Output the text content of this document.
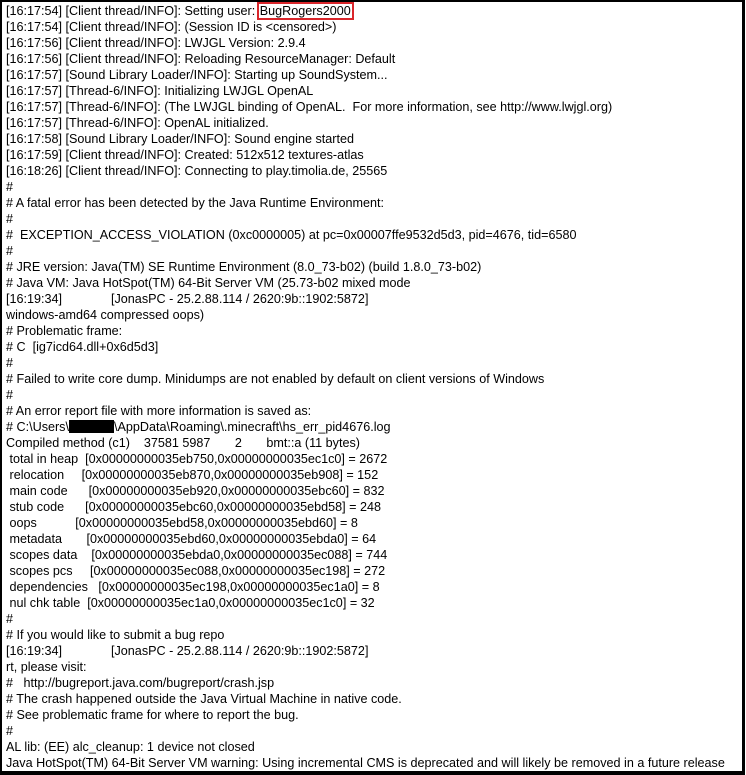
[16:17:54] [Client thread/INFO]: Setting user: BugRogers2000
[16:17:54] [Client thread/INFO]: (Session ID is <censored>)
[16:17:56] [Client thread/INFO]: LWJGL Version: 2.9.4
[16:17:56] [Client thread/INFO]: Reloading ResourceManager: Default
[16:17:57] [Sound Library Loader/INFO]: Starting up SoundSystem...
[16:17:57] [Thread-6/INFO]: Initializing LWJGL OpenAL
[16:17:57] [Thread-6/INFO]: (The LWJGL binding of OpenAL.  For more information, see http://www.lwjgl.org)
[16:17:57] [Thread-6/INFO]: OpenAL initialized.
[16:17:58] [Sound Library Loader/INFO]: Sound engine started
[16:17:59] [Client thread/INFO]: Created: 512x512 textures-atlas
[16:18:26] [Client thread/INFO]: Connecting to play.timolia.de, 25565
#
# A fatal error has been detected by the Java Runtime Environment:
#
#  EXCEPTION_ACCESS_VIOLATION (0xc0000005) at pc=0x00007ffe9532d5d3, pid=4676, tid=6580
#
# JRE version: Java(TM) SE Runtime Environment (8.0_73-b02) (build 1.8.0_73-b02)
# Java VM: Java HotSpot(TM) 64-Bit Server VM (25.73-b02 mixed mode
[16:19:34]              [JonasPC - 25.2.88.114 / 2620:9b::1902:5872]
windows-amd64 compressed oops)
# Problematic frame:
# C  [ig7icd64.dll+0x6d5d3]
#
# Failed to write core dump. Minidumps are not enabled by default on client versions of Windows
#
# An error report file with more information is saved as:
# C:\Users\	\AppData\Roaming\.minecraft\hs_err_pid4676.log
Compiled method (c1)    37581 5987       2       bmt::a (11 bytes)
total in heap  [0x00000000035eb750,0x00000000035ec1c0] = 2672
relocation     [0x00000000035eb870,0x00000000035eb908] = 152
main code      [0x00000000035eb920,0x00000000035ebc60] = 832
stub code      [0x00000000035ebc60,0x00000000035ebd58] = 248
oops           [0x00000000035ebd58,0x00000000035ebd60] = 8
metadata       [0x00000000035ebd60,0x00000000035ebda0] = 64
scopes data    [0x00000000035ebda0,0x00000000035ec088] = 744
scopes pcs     [0x00000000035ec088,0x00000000035ec198] = 272
dependencies   [0x00000000035ec198,0x00000000035ec1a0] = 8
nul chk table  [0x00000000035ec1a0,0x00000000035ec1c0] = 32
#
# If you would like to submit a bug repo
[16:19:34]              [JonasPC - 25.2.88.114 / 2620:9b::1902:5872]
rt, please visit:
#   http://bugreport.java.com/bugreport/crash.jsp
# The crash happened outside the Java Virtual Machine in native code.
# See problematic frame for where to report the bug.
#
AL lib: (EE) alc_cleanup: 1 device not closed
Java HotSpot(TM) 64-Bit Server VM warning: Using incremental CMS is deprecated and will likely be removed in a future release
